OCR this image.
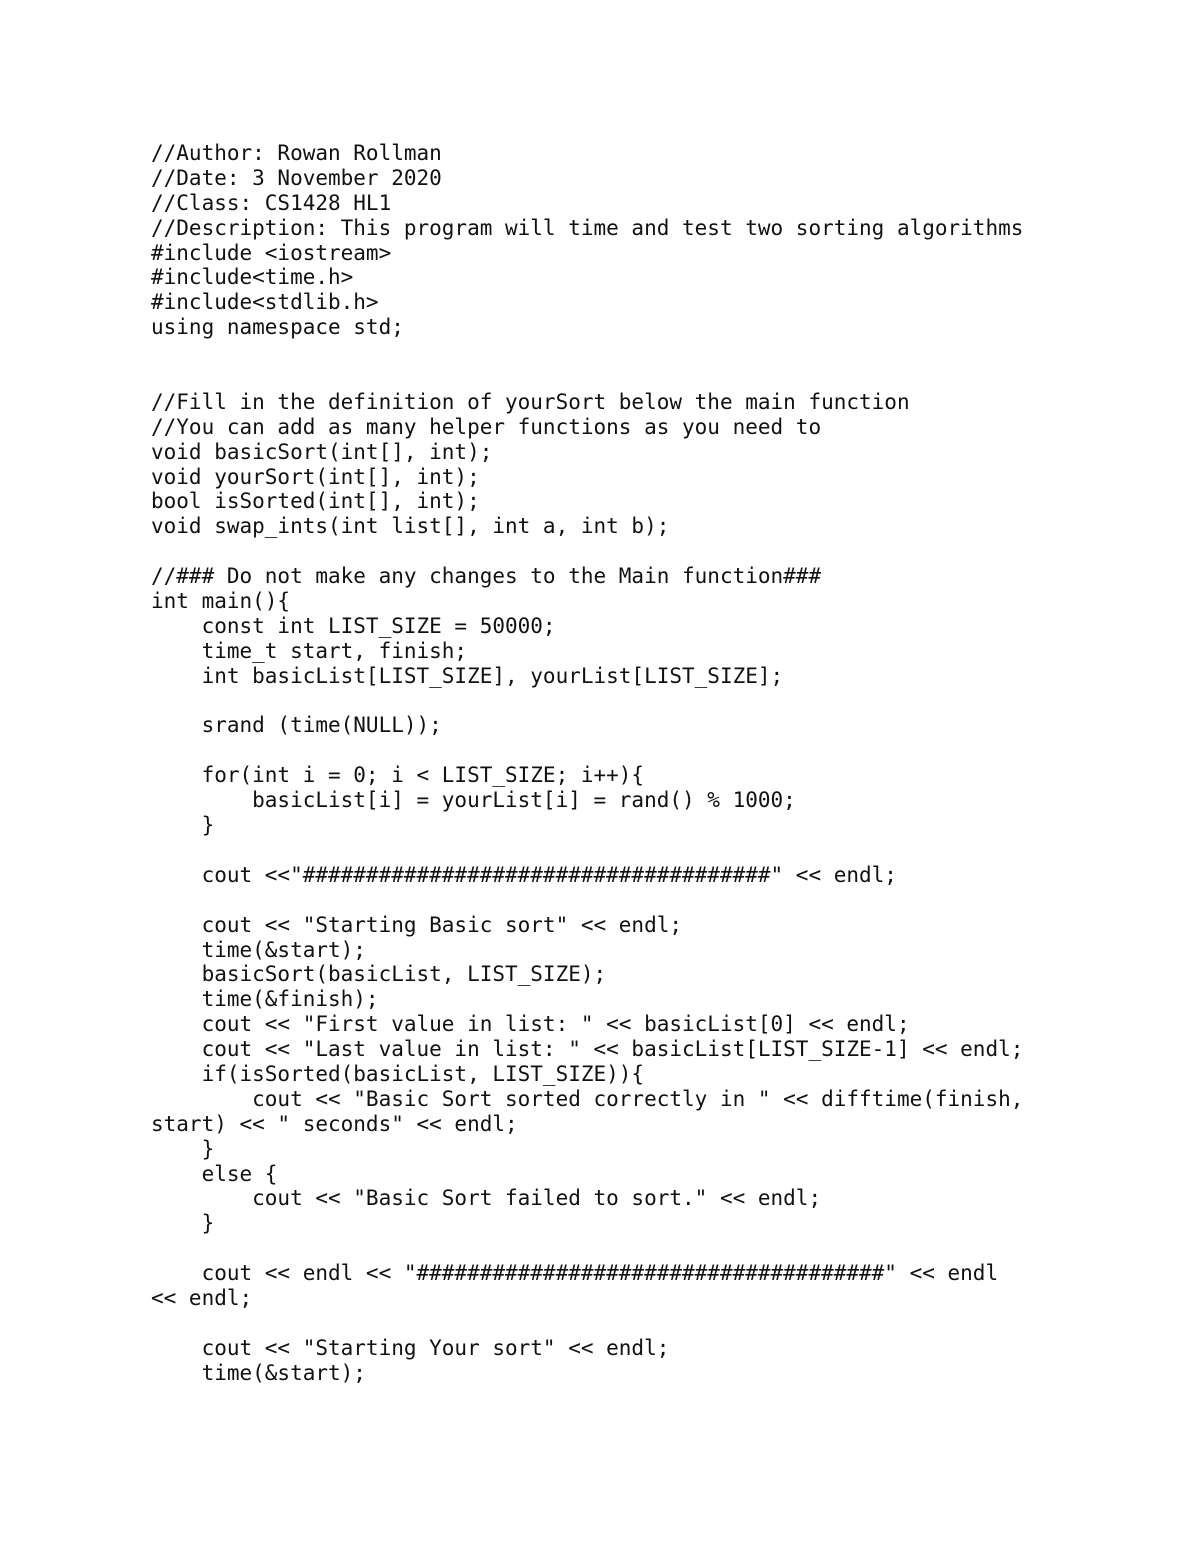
//Author: Rowan Rollman
//Date: 3 November 2020
//Class: CS1428 HL1
//Description: This program will time and test two sorting algorithms
#include <iostream>
#include<time.h>
#include<stdlib.h>
using namespace std;
//Fill in the definition of yourSort below the main function
//You can add as many helper functions as you need to
void basicSort(int[], int);
void yourSort(int[], int);
bool isSorted(int[], int);
void swap_ints(int list[], int a, int b);
//### Do not make any changes to the Main function###
int main(){
const int LIST_SIZE = 50000;
time_t start, finish;
int basicList[LIST_SIZE], yourList[LIST_SIZE];
srand (time(NULL));
for(int i = 0; i < LIST_SIZE; i++){
basicList[i] = yourList[i] = rand() % 1000;
}
cout <<"#####################################" << endl;
cout << "Starting Basic sort" << endl;
time(&start);
basicSort(basicList, LIST_SIZE);
time(&finish);
cout << "First value in list: " << basicList[0] << endl;
cout << "Last value in list: " << basicList[LIST_SIZE-1] << endl;
if(isSorted(basicList, LIST_SIZE)){
cout << "Basic Sort sorted correctly in " << difftime(finish,
start) << " seconds" << endl;
}
else {
cout << "Basic Sort failed to sort." << endl;
}
cout << endl << "#####################################" << endl
<< endl;
cout << "Starting Your sort" << endl;
time(&start);
